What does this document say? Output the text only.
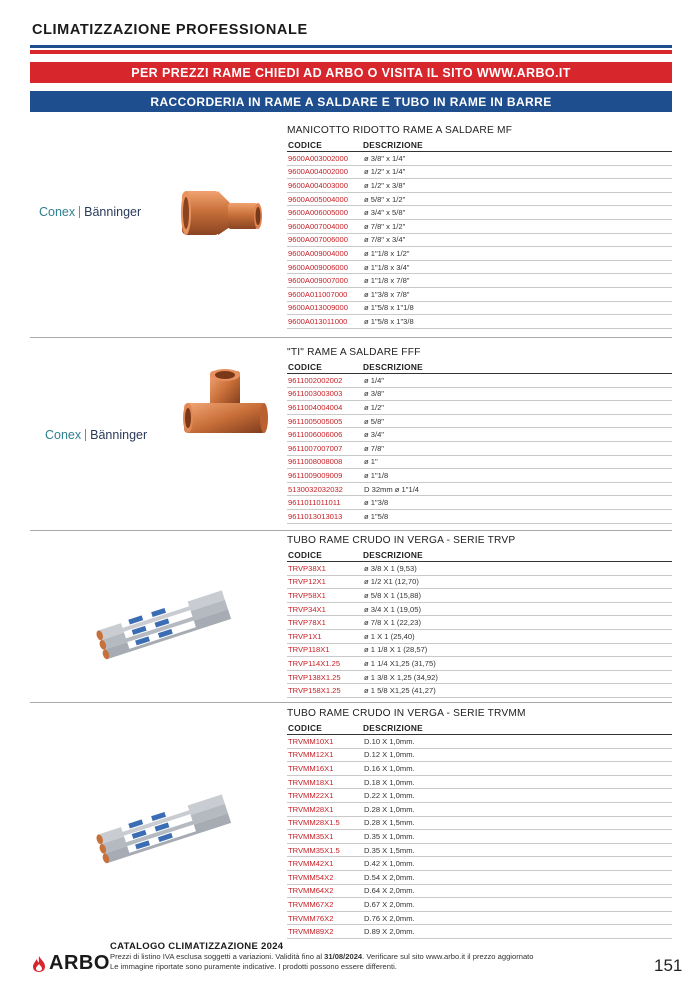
CLIMATIZZAZIONE PROFESSIONALE
PER PREZZI RAME CHIEDI AD ARBO O VISITA IL SITO WWW.ARBO.IT
RACCORDERIA IN RAME A SALDARE E TUBO IN RAME IN BARRE
Conex Bänninger
MANICOTTO RIDOTTO RAME A SALDARE MF
CODICE	DESCRIZIONE
9600A003002000	ø 3/8" x 1/4"
9600A004002000	ø 1/2" x 1/4"
9600A004003000	ø 1/2" x 3/8"
9600A005004000	ø 5/8" x 1/2"
9600A006005000	ø 3/4" x 5/8"
9600A007004000	ø 7/8" x 1/2"
9600A007006000	ø 7/8" x 3/4"
9600A009004000	ø 1"1/8 x 1/2"
9600A009006000	ø 1"1/8 x 3/4"
9600A009007000	ø 1"1/8 x 7/8"
9600A011007000	ø 1"3/8 x 7/8"
9600A013009000	ø 1"5/8 x 1"1/8
9600A013011000	ø 1"5/8 x 1"3/8
Conex Bänninger
"TI" RAME A SALDARE FFF
CODICE	DESCRIZIONE
9611002002002	ø 1/4"
9611003003003	ø 3/8"
9611004004004	ø 1/2"
9611005005005	ø 5/8"
9611006006006	ø 3/4"
9611007007007	ø 7/8"
9611008008008	ø 1"
9611009009009	ø 1"1/8
5130032032032	D 32mm ø 1"1/4
9611011011011	ø 1"3/8
9611013013013	ø 1"5/8
TUBO RAME CRUDO IN VERGA - SERIE TRVP
CODICE	DESCRIZIONE
TRVP38X1	ø 3/8 X 1 (9,53)
TRVP12X1	ø 1/2 X1 (12,70)
TRVP58X1	ø 5/8 X 1 (15,88)
TRVP34X1	ø 3/4 X 1 (19,05)
TRVP78X1	ø 7/8 X 1 (22,23)
TRVP1X1	ø 1 X 1 (25,40)
TRVP118X1	ø 1 1/8 X 1 (28,57)
TRVP114X1.25	ø 1 1/4 X1,25 (31,75)
TRVP138X1.25	ø 1 3/8 X 1,25 (34,92)
TRVP158X1.25	ø 1 5/8 X1,25 (41,27)
TUBO RAME CRUDO IN VERGA - SERIE TRVMM
CODICE	DESCRIZIONE
TRVMM10X1	D.10 X 1,0mm.
TRVMM12X1	D.12 X 1,0mm.
TRVMM16X1	D.16 X 1,0mm.
TRVMM18X1	D.18 X 1,0mm.
TRVMM22X1	D.22 X 1,0mm.
TRVMM28X1	D.28 X 1,0mm.
TRVMM28X1.5	D.28 X 1,5mm.
TRVMM35X1	D.35 X 1,0mm.
TRVMM35X1.5	D.35 X 1,5mm.
TRVMM42X1	D.42 X 1,0mm.
TRVMM54X2	D.54 X 2,0mm.
TRVMM64X2	D.64 X 2,0mm.
TRVMM67X2	D.67 X 2,0mm.
TRVMM76X2	D.76 X 2,0mm.
TRVMM89X2	D.89 X 2,0mm.
ARBO
CATALOGO CLIMATIZZAZIONE 2024
Prezzi di listino IVA esclusa soggetti a variazioni. Validità fino al 31/08/2024. Verificare sul sito www.arbo.it il prezzo aggiornato
Le immagine riportate sono puramente indicative. I prodotti possono essere differenti.	151
